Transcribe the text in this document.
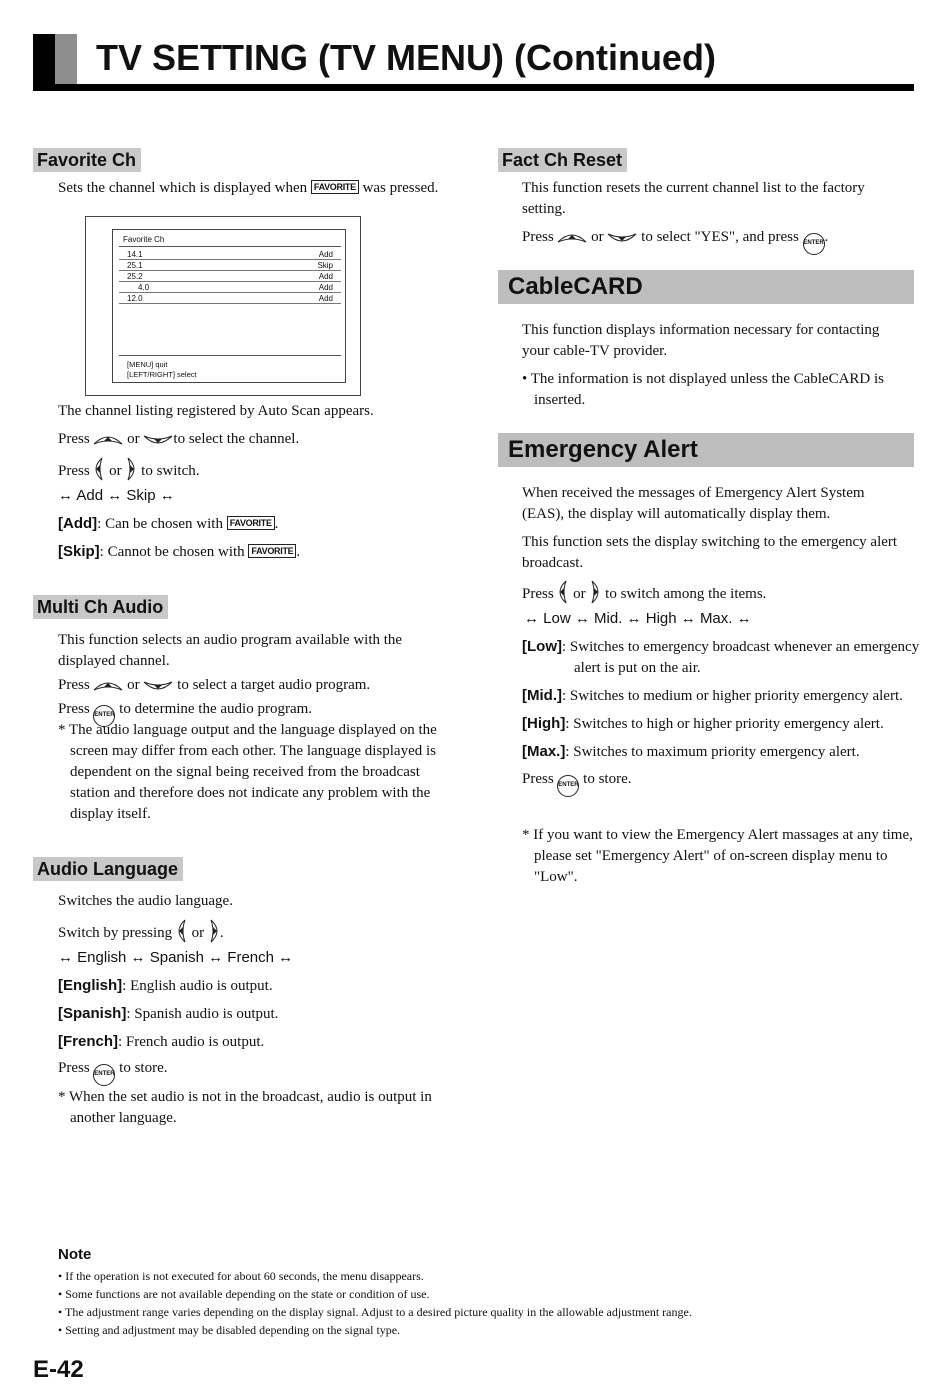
TV SETTING (TV MENU) (Continued)
Favorite Ch
Sets the channel which is displayed when FAVORITE was pressed.
Favorite Ch
14.1	Add
25.1	Skip
25.2	Add
4.0	Add
12.0	Add
[MENU] quit
[LEFT/RIGHT] select
The channel listing registered by Auto Scan appears.
Press	or to select the channel.
Press or to switch.
↔ Add ↔ Skip ↔
[Add]: Can be chosen with FAVORITE .
[Skip]: Cannot be chosen with FAVORITE .
Multi Ch Audio
This function selects an audio program available with the displayed channel.
Press	or	to select a target audio program.
Press ENTER to determine the audio program.
* The audio language output and the language displayed on the screen may differ from each other. The language displayed is dependent on the signal being received from the broadcast station and therefore does not indicate any problem with the display itself.
Audio Language
Switches the audio language.
Switch by pressing or .
↔ English ↔ Spanish ↔ French ↔
[English]: English audio is output.
[Spanish]: Spanish audio is output.
[French]: French audio is output.
Press ENTER to store.
* When the set audio is not in the broadcast, audio is output in another language.
Fact Ch Reset
This function resets the current channel list to the factory setting.
Press	or	to select "YES", and press ENTER.
CableCARD
This function displays information necessary for contacting your cable-TV provider.
• The information is not displayed unless the CableCARD is inserted.
Emergency Alert
When received the messages of Emergency Alert System (EAS), the display will automatically display them.
This function sets the display switching to the emergency alert broadcast.
Press or to switch among the items.
↔ Low ↔ Mid. ↔ High ↔ Max. ↔
[Low]: Switches to emergency broadcast whenever an emergency alert is put on the air.
[Mid.]: Switches to medium or higher priority emergency alert.
[High]: Switches to high or higher priority emergency alert.
[Max.]: Switches to maximum priority emergency alert.
Press ENTER to store.
* If you want to view the Emergency Alert massages at any time, please set "Emergency Alert" of on-screen display menu to "Low".
Note
• If the operation is not executed for about 60 seconds, the menu disappears.
• Some functions are not available depending on the state or condition of use.
• The adjustment range varies depending on the display signal. Adjust to a desired picture quality in the allowable adjustment range.
• Setting and adjustment may be disabled depending on the signal type.
E-42
